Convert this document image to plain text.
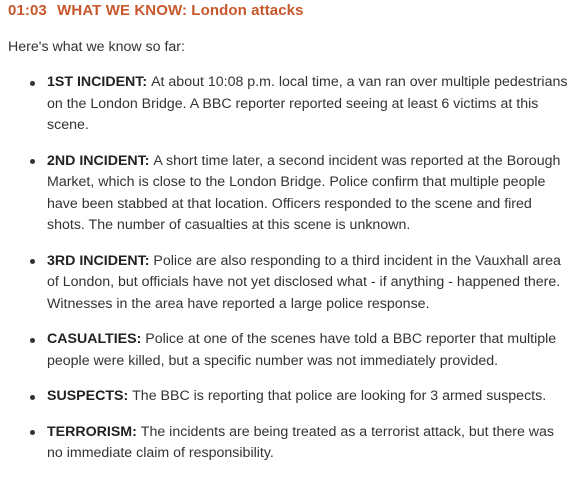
01:03 WHAT WE KNOW: London attacks
Here's what we know so far:
1ST INCIDENT: At about 10:08 p.m. local time, a van ran over multiple pedestrians on the London Bridge. A BBC reporter reported seeing at least 6 victims at this scene.
2ND INCIDENT: A short time later, a second incident was reported at the Borough Market, which is close to the London Bridge. Police confirm that multiple people have been stabbed at that location. Officers responded to the scene and fired shots. The number of casualties at this scene is unknown.
3RD INCIDENT: Police are also responding to a third incident in the Vauxhall area of London, but officials have not yet disclosed what - if anything - happened there. Witnesses in the area have reported a large police response.
CASUALTIES: Police at one of the scenes have told a BBC reporter that multiple people were killed, but a specific number was not immediately provided.
SUSPECTS: The BBC is reporting that police are looking for 3 armed suspects.
TERRORISM: The incidents are being treated as a terrorist attack, but there was no immediate claim of responsibility.
